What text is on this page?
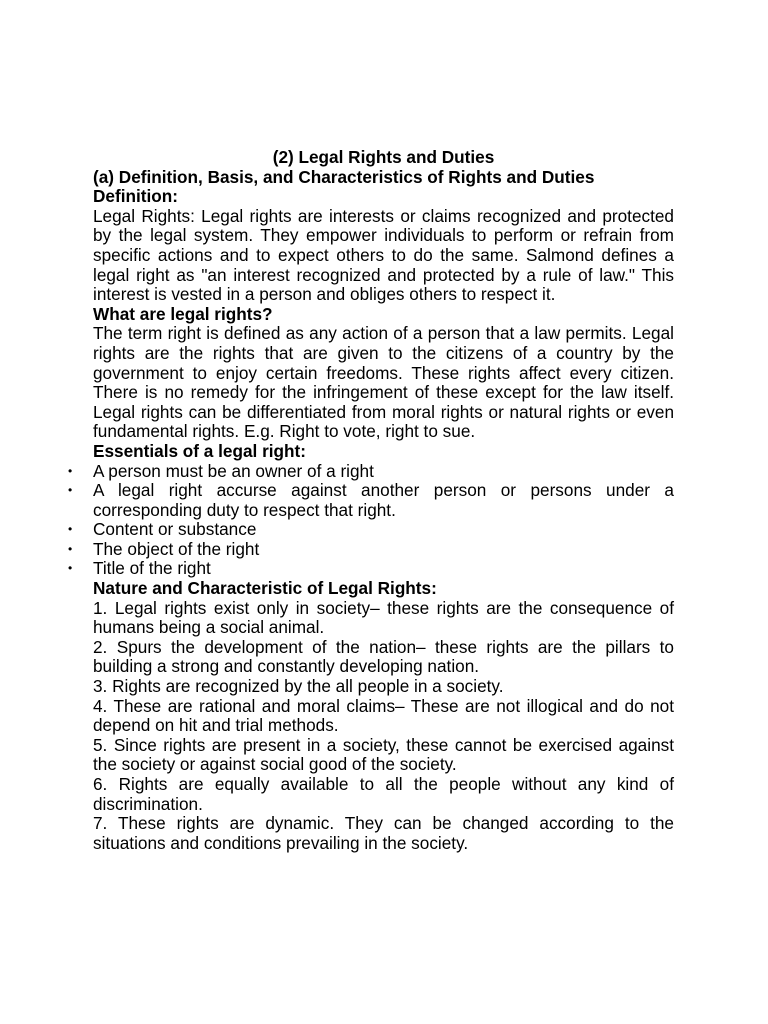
(2) Legal Rights and Duties

(a) Definition, Basis, and Characteristics of Rights and Duties

Definition:

Legal Rights: Legal rights are interests or claims recognized and protected by the legal system. They empower individuals to perform or refrain from specific actions and to expect others to do the same. Salmond defines a legal right as "an interest recognized and protected by a rule of law." This interest is vested in a person and obliges others to respect it.

What are legal rights?

The term right is defined as any action of a person that a law permits. Legal rights are the rights that are given to the citizens of a country by the government to enjoy certain freedoms. These rights affect every citizen. There is no remedy for the infringement of these except for the law itself. Legal rights can be differentiated from moral rights or natural rights or even fundamental rights. E.g. Right to vote, right to sue.

Essentials of a legal right:

• A person must be an owner of a right
• A legal right accurse against another person or persons under a corresponding duty to respect that right.
• Content or substance
• The object of the right
• Title of the right

Nature and Characteristic of Legal Rights:

1. Legal rights exist only in society– these rights are the consequence of humans being a social animal.

2. Spurs the development of the nation– these rights are the pillars to building a strong and constantly developing nation.

3. Rights are recognized by the all people in a society.

4. These are rational and moral claims– These are not illogical and do not depend on hit and trial methods.

5. Since rights are present in a society, these cannot be exercised against the society or against social good of the society.

6. Rights are equally available to all the people without any kind of discrimination.

7. These rights are dynamic. They can be changed according to the situations and conditions prevailing in the society.
